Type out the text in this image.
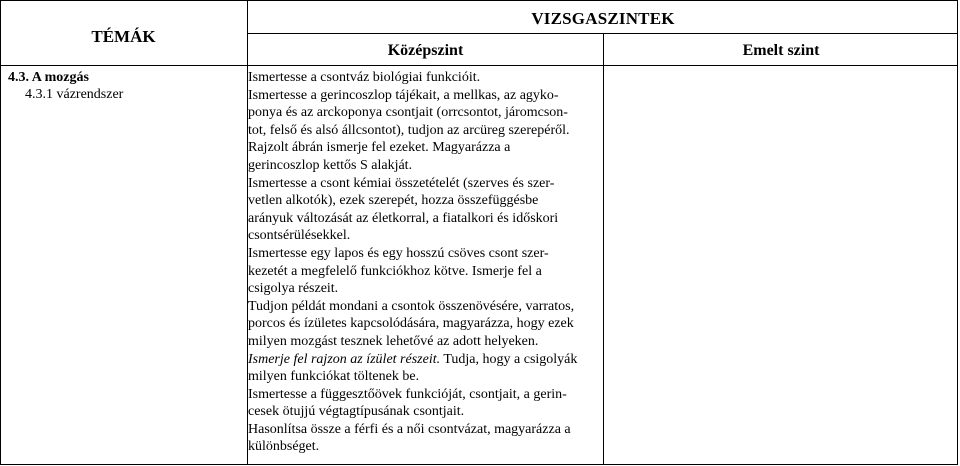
TÉMÁK
VIZSGASZINTEK
Középszint	Emelt szint
4.3. A mozgás
4.3.1 vázrendszer
Ismertesse a csontváz biológiai funkcióit.
Ismertesse a gerincoszlop tájékait, a mellkas, az agyko-
ponya és az arckoponya csontjait (orrcsontot, járomcson-
tot, felső és alsó állcsontot), tudjon az arcüreg szerepéről.
Rajzolt ábrán ismerje fel ezeket. Magyarázza a
gerincoszlop kettős S alakját.
Ismertesse a csont kémiai összetételét (szerves és szer-
vetlen alkotók), ezek szerepét, hozza összefüggésbe
arányuk változását az életkorral, a fiatalkori és időskori
csontsérülésekkel.
Ismertesse egy lapos és egy hosszú csöves csont szer-
kezetét a megfelelő funkciókhoz kötve. Ismerje fel a
csigolya részeit.
Tudjon példát mondani a csontok összenövésére, varratos,
porcos és ízületes kapcsolódására, magyarázza, hogy ezek
milyen mozgást tesznek lehetővé az adott helyeken.
Ismerje fel rajzon az ízület részeit. Tudja, hogy a csigolyák
milyen funkciókat töltenek be.
Ismertesse a függesztőövek funkcióját, csontjait, a gerin-
cesek ötujjú végtagtípusának csontjait.
Hasonlítsa össze a férfi és a női csontvázat, magyarázza a
különbséget.
